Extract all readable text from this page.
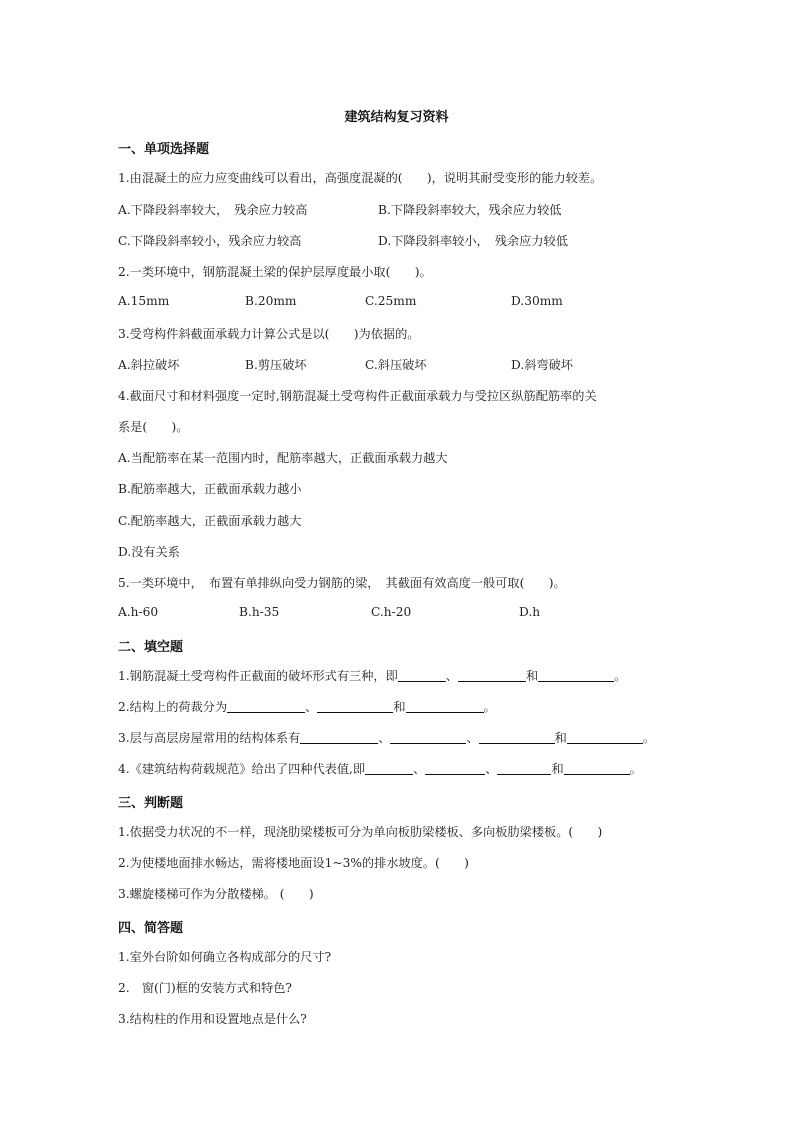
建筑结构复习资料
一、单项选择题
1.由混凝土的应力应变曲线可以看出，高强度混凝的(　　)，说明其耐受变形的能力较差。
A.下降段斜率较大，　残余应力较高	B.下降段斜率较大，残余应力较低
C.下降段斜率较小，残余应力较高	D.下降段斜率较小，　残余应力较低
2.一类环境中，钢筋混凝土梁的保护层厚度最小取(　　)。
A.15mm	B.20mm	C.25mm	D.30mm
3.受弯构件斜截面承载力计算公式是以(　　)为依据的。
A.斜拉破坏	B.剪压破坏	C.斜压破坏	D.斜弯破坏
4.截面尺寸和材料强度一定时,钢筋混凝土受弯构件正截面承载力与受拉区纵筋配筋率的关
系是(　　)。
A.当配筋率在某一范围内时，配筋率越大，正截面承载力越大
B.配筋率越大，正截面承载力越小
C.配筋率越大，正截面承载力越大
D.没有关系
5.一类环境中，　布置有单排纵向受力钢筋的梁，　其截面有效高度一般可取(　　)。
A.h-60	B.h-35	C.h-20	D.h
二、填空题
1.钢筋混凝土受弯构件正截面的破坏形式有三种，即	、	和	。
2.结构上的荷裁分为	、	和	。
3.层与高层房屋常用的结构体系有	、	、	和	。
4.《建筑结构荷载规范》给出了四种代表值,即	、	、	和	。
三、判断题
1.依据受力状况的不一样，现浇肋梁楼板可分为单向板肋梁楼板、多向板肋梁楼板。(　　)
2.为使楼地面排水畅达，需将楼地面设1~3%的排水坡度。(　　)
3.螺旋楼梯可作为分散楼梯。 (　　)
四、简答题
1.室外台阶如何确立各构成部分的尺寸?
2.　窗(门)框的安装方式和特色?
3.结构柱的作用和设置地点是什么?
